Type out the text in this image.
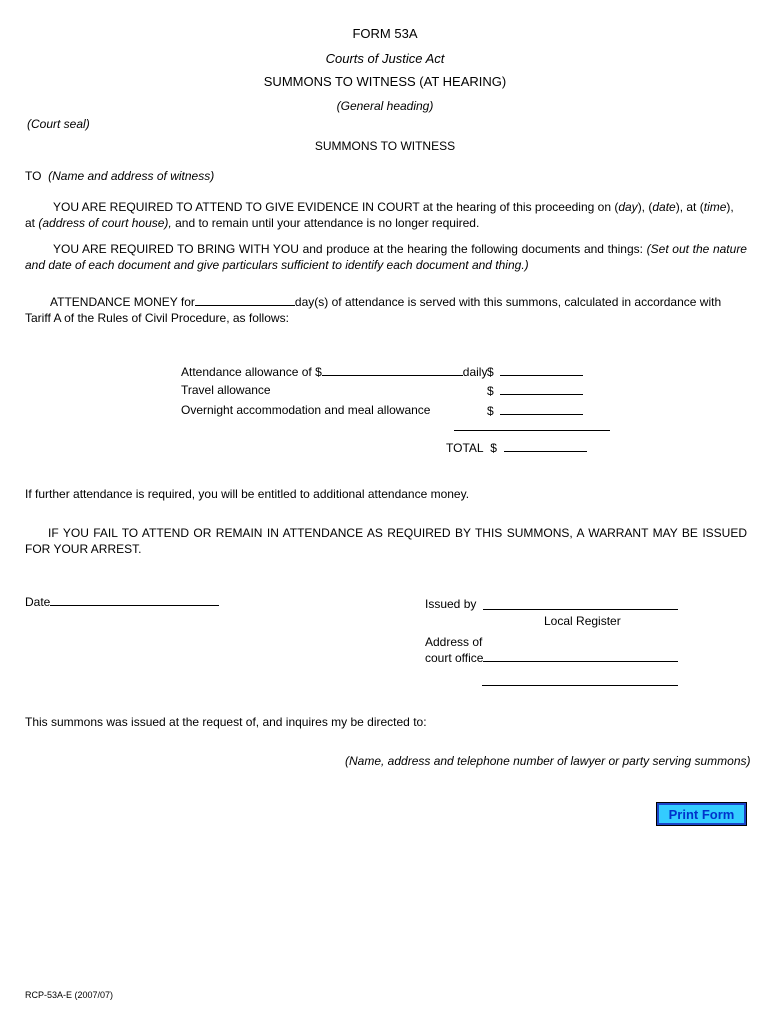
FORM 53A
Courts of Justice Act
SUMMONS TO WITNESS (AT HEARING)
(General heading)
(Court seal)
SUMMONS TO WITNESS
TO (Name and address of witness)
YOU ARE REQUIRED TO ATTEND TO GIVE EVIDENCE IN COURT at the hearing of this proceeding on (day), (date), at (time), at (address of court house), and to remain until your attendance is no longer required.
YOU ARE REQUIRED TO BRING WITH YOU and produce at the hearing the following documents and things: (Set out the nature and date of each document and give particulars sufficient to identify each document and thing.)
ATTENDANCE MONEY for	day(s) of attendance is served with this summons, calculated in accordance with Tariff A of the Rules of Civil Procedure, as follows:
Attendance allowance of $	daily $
Travel allowance	$
Overnight accommodation and meal allowance	$
TOTAL $
If further attendance is required, you will be entitled to additional attendance money.
IF YOU FAIL TO ATTEND OR REMAIN IN ATTENDANCE AS REQUIRED BY THIS SUMMONS, A WARRANT MAY BE ISSUED FOR YOUR ARREST.
Date	Issued by
Local Register
Address of
court office
This summons was issued at the request of, and inquires my be directed to:
(Name, address and telephone number of lawyer or party serving summons)
Print Form
RCP-53A-E (2007/07)
